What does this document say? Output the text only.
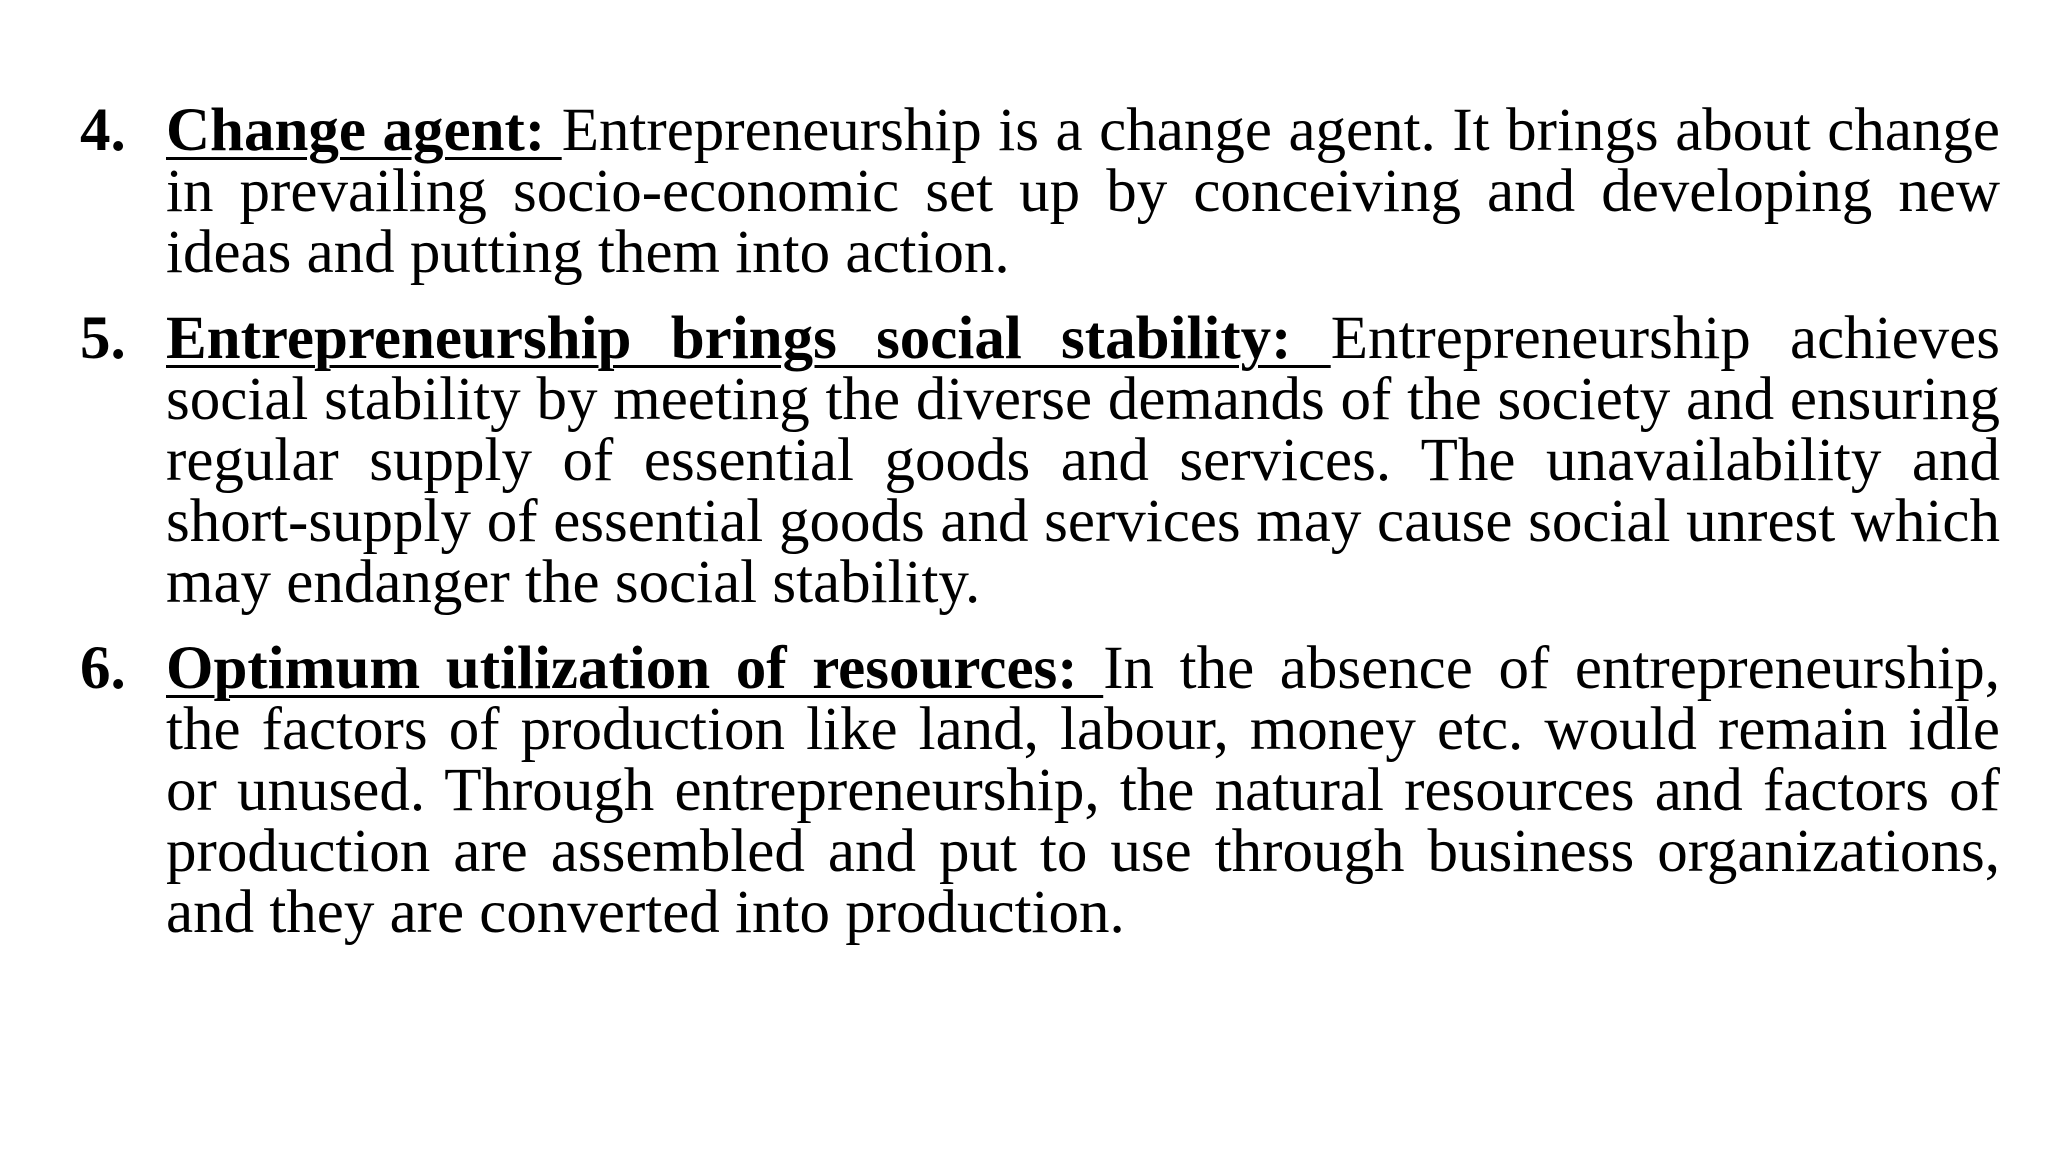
4. Change agent: Entrepreneurship is a change agent. It brings about change in prevailing socio-economic set up by conceiving and developing new ideas and putting them into action.
5. Entrepreneurship brings social stability: Entrepreneurship achieves social stability by meeting the diverse demands of the society and ensuring regular supply of essential goods and services. The unavailability and short-supply of essential goods and services may cause social unrest which may endanger the social stability.
6. Optimum utilization of resources: In the absence of entrepreneurship, the factors of production like land, labour, money etc. would remain idle or unused. Through entrepreneurship, the natural resources and factors of production are assembled and put to use through business organizations, and they are converted into production.
